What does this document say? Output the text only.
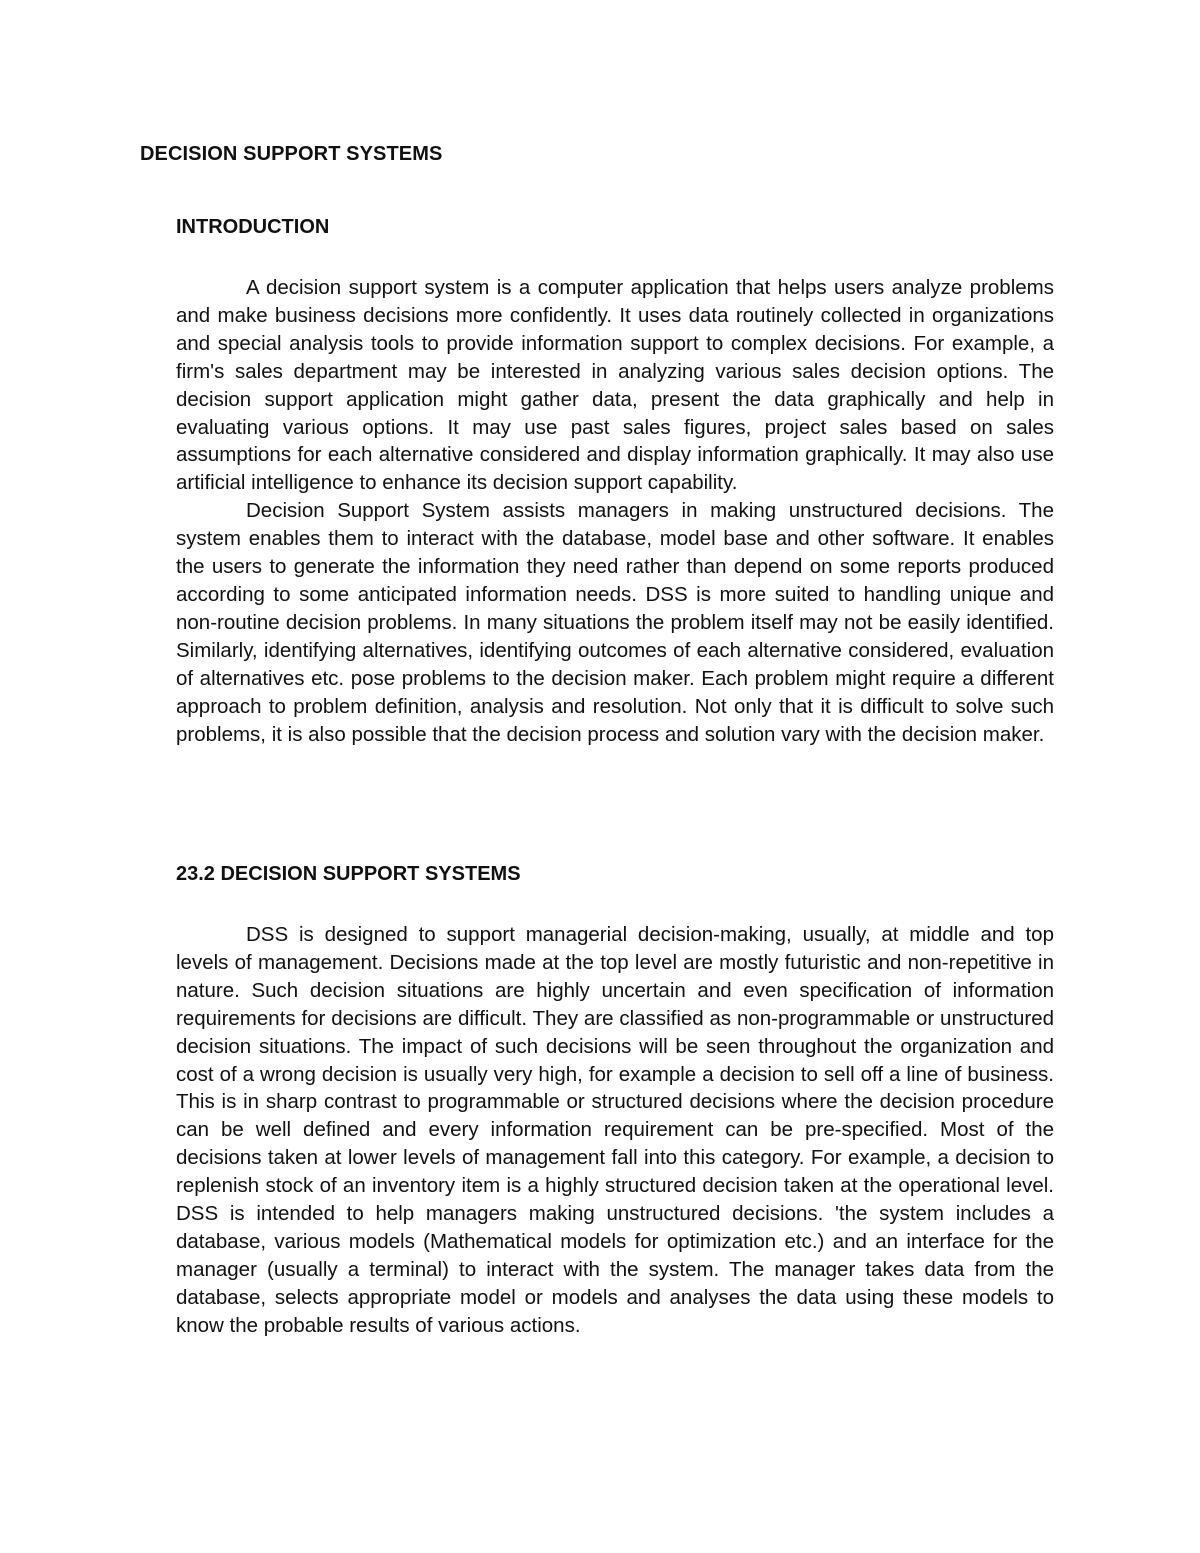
DECISION SUPPORT SYSTEMS
INTRODUCTION

A decision support system is a computer application that helps users analyze problems and make business decisions more confidently. It uses data routinely collected in organizations and special analysis tools to provide information support to complex decisions. For example, a firm's sales department may be interested in analyzing various sales decision options. The decision support application might gather data, present the data graphically and help in evaluating various options. It may use past sales figures, project sales based on sales assumptions for each alternative considered and display information graphically. It may also use artificial intelligence to enhance its decision support capability.

Decision Support System assists managers in making unstructured decisions. The system enables them to interact with the database, model base and other software. It enables the users to generate the information they need rather than depend on some reports produced according to some anticipated information needs. DSS is more suited to handling unique and non-routine decision problems. In many situations the problem itself may not be easily identified. Similarly, identifying alternatives, identifying outcomes of each alternative considered, evaluation of alternatives etc. pose problems to the decision maker. Each problem might require a different approach to problem definition, analysis and resolution. Not only that it is difficult to solve such problems, it is also possible that the decision process and solution vary with the decision maker.

23.2 DECISION SUPPORT SYSTEMS

DSS is designed to support managerial decision-making, usually, at middle and top levels of management. Decisions made at the top level are mostly futuristic and non-repetitive in nature. Such decision situations are highly uncertain and even specification of information requirements for decisions are difficult. They are classified as non-programmable or unstructured decision situations. The impact of such decisions will be seen throughout the organization and cost of a wrong decision is usually very high, for example a decision to sell off a line of business. This is in sharp contrast to programmable or structured decisions where the decision procedure can be well defined and every information requirement can be pre-specified. Most of the decisions taken at lower levels of management fall into this category. For example, a decision to replenish stock of an inventory item is a highly structured decision taken at the operational level. DSS is intended to help managers making unstructured decisions. 'the system includes a database, various models (Mathematical models for optimization etc.) and an interface for the manager (usually a terminal) to interact with the system. The manager takes data from the database, selects appropriate model or models and analyses the data using these models to know the probable results of various actions.
